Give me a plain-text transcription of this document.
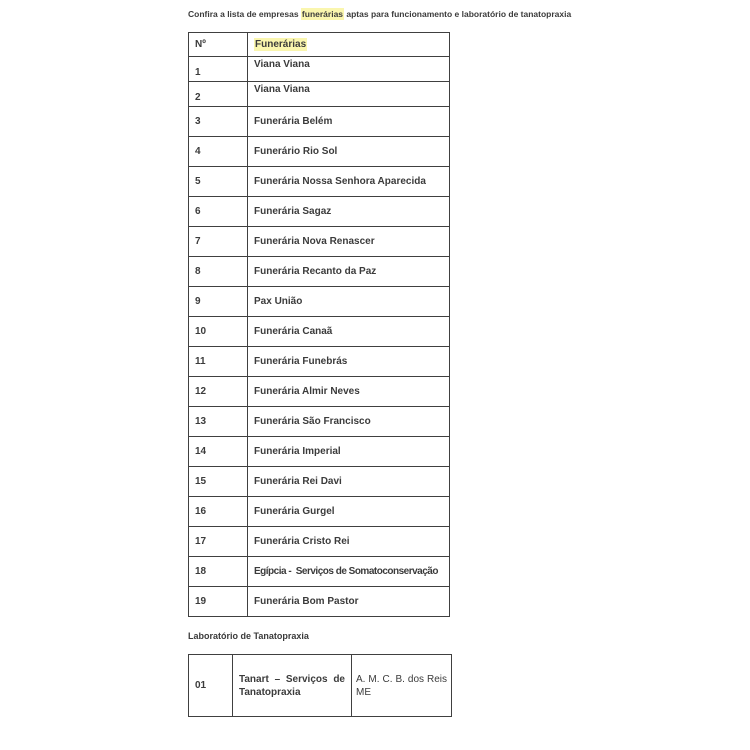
Confira a lista de empresas funerárias aptas para funcionamento e laboratório de tanatopraxia

Nº	Funerárias
1	Viana Viana
2	Viana Viana
3	Funerária Belém
4	Funerário Rio Sol
5	Funerária Nossa Senhora Aparecida
6	Funerária Sagaz
7	Funerária Nova Renascer
8	Funerária Recanto da Paz
9	Pax União
10	Funerária Canaã
11	Funerária Funebrás
12	Funerária Almir Neves
13	Funerária São Francisco
14	Funerária Imperial
15	Funerária Rei Davi
16	Funerária Gurgel
17	Funerária Cristo Rei
18	Egípcia -  Serviços de Somatoconservação
19	Funerária Bom Pastor

Laboratório de Tanatopraxia

01	Tanart – Serviços de Tanatopraxia	A. M. C. B. dos Reis ME
